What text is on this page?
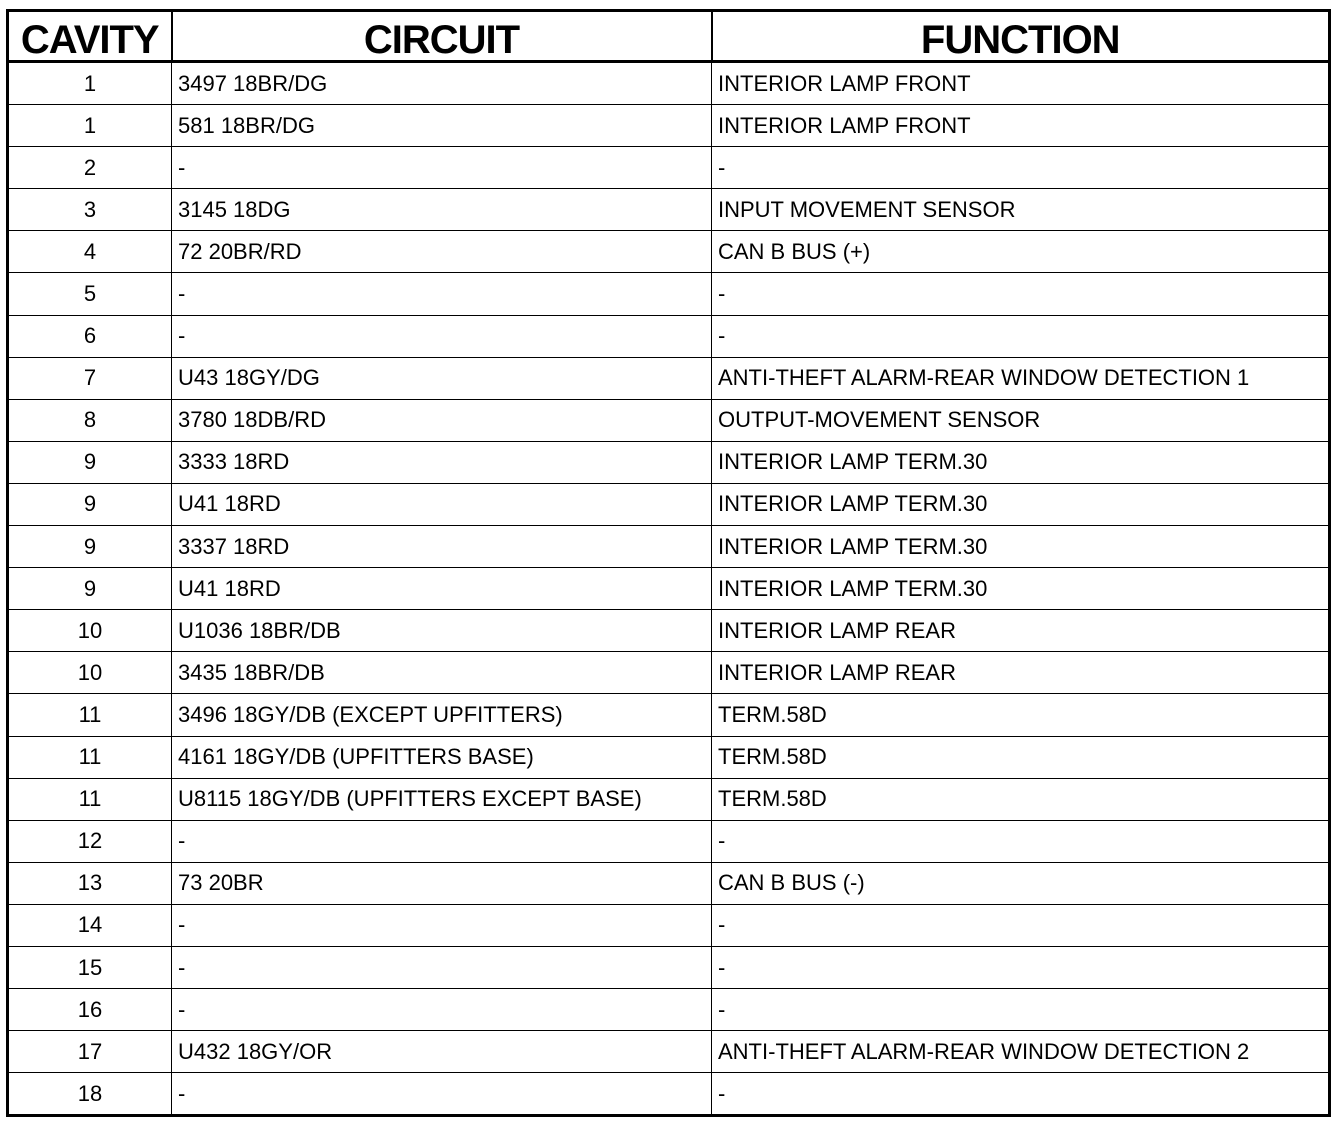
CAVITY	CIRCUIT	FUNCTION
1	3497 18BR/DG	INTERIOR LAMP FRONT
1	581 18BR/DG	INTERIOR LAMP FRONT
2	-	-
3	3145 18DG	INPUT MOVEMENT SENSOR
4	72 20BR/RD	CAN B BUS (+)
5	-	-
6	-	-
7	U43 18GY/DG	ANTI-THEFT ALARM-REAR WINDOW DETECTION 1
8	3780 18DB/RD	OUTPUT-MOVEMENT SENSOR
9	3333 18RD	INTERIOR LAMP TERM.30
9	U41 18RD	INTERIOR LAMP TERM.30
9	3337 18RD	INTERIOR LAMP TERM.30
9	U41 18RD	INTERIOR LAMP TERM.30
10	U1036 18BR/DB	INTERIOR LAMP REAR
10	3435 18BR/DB	INTERIOR LAMP REAR
11	3496 18GY/DB (EXCEPT UPFITTERS)	TERM.58D
11	4161 18GY/DB (UPFITTERS BASE)	TERM.58D
11	U8115 18GY/DB (UPFITTERS EXCEPT BASE)	TERM.58D
12	-	-
13	73 20BR	CAN B BUS (-)
14	-	-
15	-	-
16	-	-
17	U432 18GY/OR	ANTI-THEFT ALARM-REAR WINDOW DETECTION 2
18	-	-
